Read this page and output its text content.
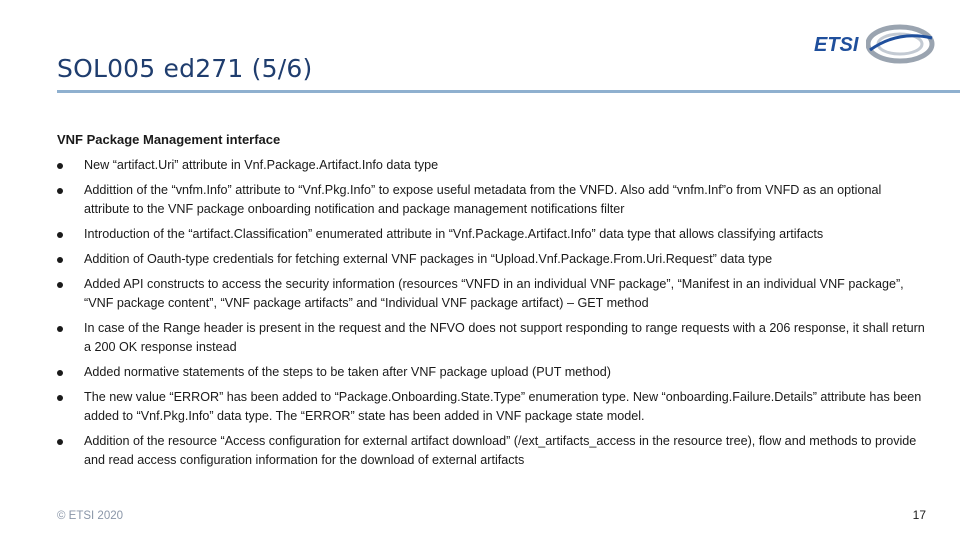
SOL005 ed271 (5/6)
ETSI
VNF Package Management interface
New “artifact.Uri” attribute in Vnf.Package.Artifact.Info data type
Addittion of the “vnfm.Info” attribute to “Vnf.Pkg.Info” to expose useful metadata from the VNFD. Also add “vnfm.Inf”o from VNFD as an optional attribute to the VNF package onboarding notification and package management notifications filter
Introduction of the “artifact.Classification” enumerated attribute in “Vnf.Package.Artifact.Info” data type that allows classifying artifacts
Addition of Oauth-type credentials for fetching external VNF packages in “Upload.Vnf.Package.From.Uri.Request” data type
Added API constructs to access the security information (resources “VNFD in an individual VNF package”, “Manifest in an individual VNF package”, “VNF package content”, “VNF package artifacts” and “Individual VNF package artifact) – GET method
In case of the Range header is present in the request and the NFVO does not support responding to range requests with a 206 response, it shall return a 200 OK response instead
Added normative statements of the steps to be taken after VNF package upload (PUT method)
The new value “ERROR” has been added to “Package.Onboarding.State.Type” enumeration type. New “onboarding.Failure.Details” attribute has been added to “Vnf.Pkg.Info” data type. The “ERROR” state has been added in VNF package state model.
Addition of the resource “Access configuration for external artifact download” (/ext_artifacts_access in the resource tree), flow and methods to provide and read access configuration information for the download of external artifacts
© ETSI 2020	17
